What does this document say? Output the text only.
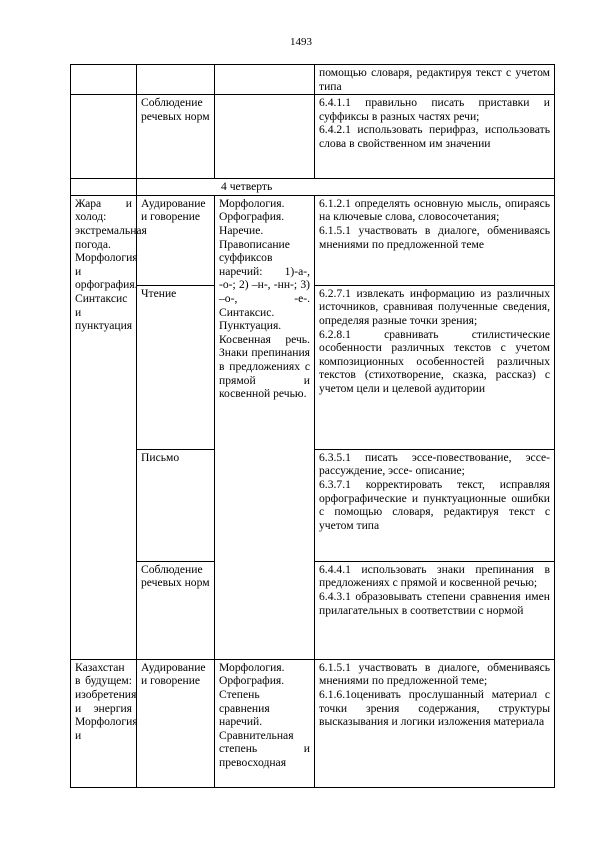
1493

			помощью словаря, редактируя текст с учетом типа

	Соблюдение речевых норм		6.4.1.1 правильно писать приставки и суффиксы в разных частях речи;

6.4.2.1 использовать перифраз, использовать слова в свойственном им значении

	4 четверть		
Жара и холод: экстремальная погода. Морфология и орфография. Синтаксис и пунктуация	Аудирование и говорение	Морфология. Орфография. Наречие. Правописание суффиксов наречий: 1)-а-, -о-; 2) –н-, -нн-; 3) –о-, -е-. Синтаксис. Пунктуация. Косвенная речь. Знаки препинания в предложениях с прямой и косвенной речью.	6.1.2.1 определять основную мысль, опираясь на ключевые слова, словосочетания;

6.1.5.1 участвовать в диалоге, обмениваясь мнениями по предложенной теме

	Чтение		6.2.7.1 извлекать информацию из различных источников, сравнивая полученные сведения, определяя разные точки зрения;

6.2.8.1 сравнивать стилистические особенности различных текстов с учетом композиционных особенностей различных текстов (стихотворение, сказка, рассказ) с учетом цели и целевой аудитории

	Письмо		6.3.5.1 писать эссе-повествование, эссе-рассуждение, эссе- описание;

6.3.7.1 корректировать текст, исправляя орфографические и пунктуационные ошибки с помощью словаря, редактируя текст с учетом типа

	Соблюдение речевых норм		6.4.4.1 использовать знаки препинания в предложениях с прямой и косвенной речью;

6.4.3.1 образовывать степени сравнения имен прилагательных в соответствии с нормой

Казахстан в будущем: изобретения и энергия Морфология и	Аудирование и говорение	Морфология. Орфография. Степень сравнения наречий. Сравнительная степень и превосходная	6.1.5.1 участвовать в диалоге, обмениваясь мнениями по предложенной теме;

6.1.6.1оценивать прослушанный материал с точки зрения содержания, структуры высказывания и логики изложения материала
